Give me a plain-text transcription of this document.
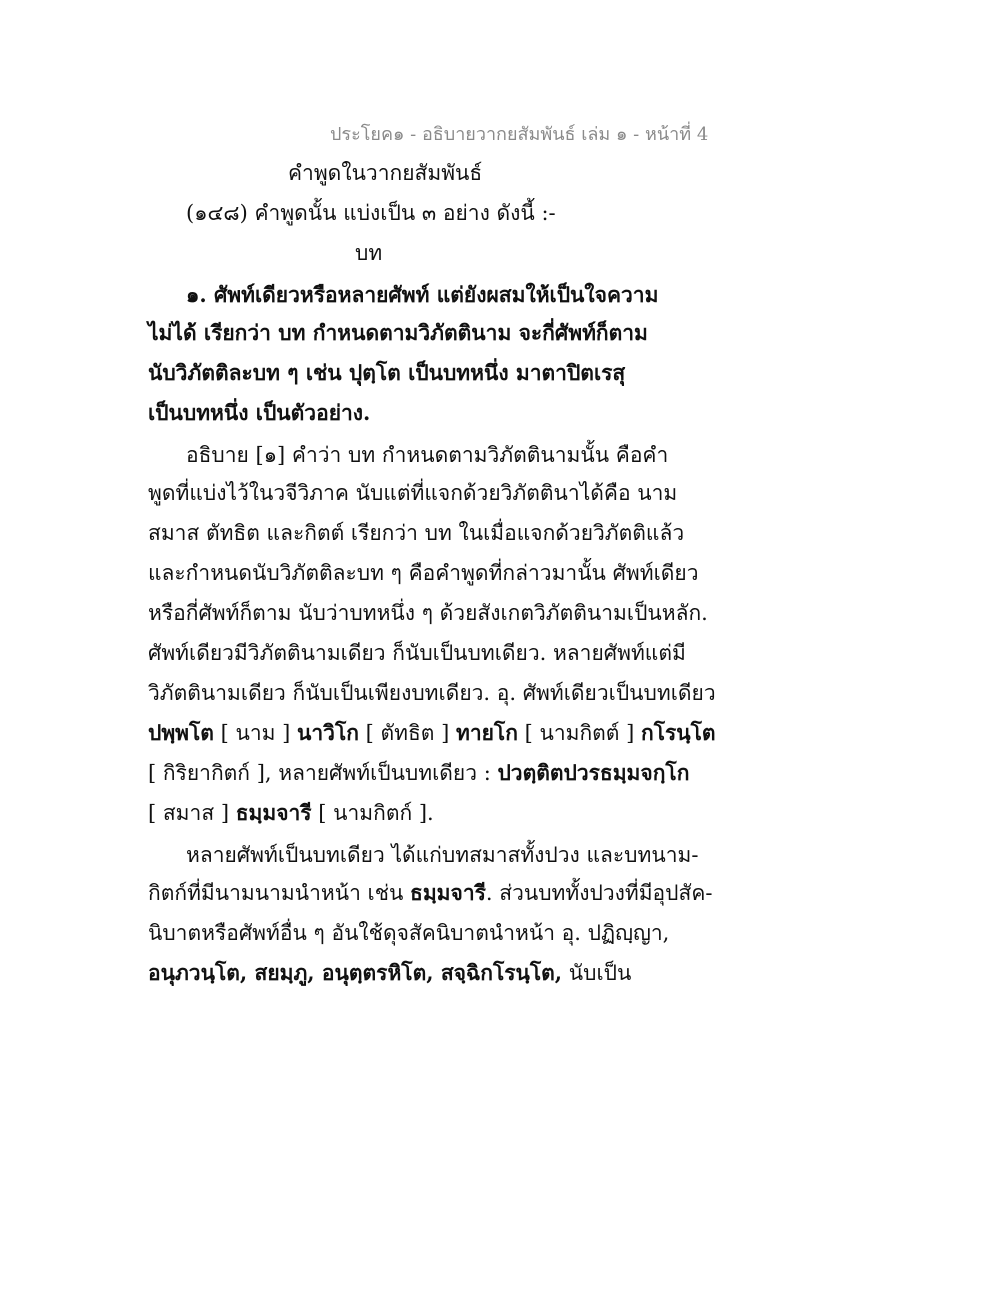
ประโยค๑ - อธิบายวากยสัมพันธ์ เล่ม ๑ - หน้าที่ 4
คำพูดในวากยสัมพันธ์
(๑๔๘) คำพูดนั้น แบ่งเป็น ๓ อย่าง ดังนี้ :-
บท
๑. ศัพท์เดียวหรือหลายศัพท์ แต่ยังผสมให้เป็นใจความ
ไม่ได้ เรียกว่า บท กำหนดตามวิภัตตินาม จะกี่ศัพท์ก็ตาม
นับวิภัตติละบท ๆ เช่น ปุตฺโต เป็นบทหนึ่ง มาตาปิตเรสุ
เป็นบทหนึ่ง เป็นตัวอย่าง.
อธิบาย [๑] คำว่า บท กำหนดตามวิภัตตินามนั้น คือคำ
พูดที่แบ่งไว้ในวจีวิภาค นับแต่ที่แจกด้วยวิภัตตินาได้คือ นาม
สมาส ตัทธิต และกิตต์ เรียกว่า บท ในเมื่อแจกด้วยวิภัตติแล้ว
และกำหนดนับวิภัตติละบท ๆ คือคำพูดที่กล่าวมานั้น ศัพท์เดียว
หรือกี่ศัพท์ก็ตาม นับว่าบทหนึ่ง ๆ ด้วยสังเกตวิภัตตินามเป็นหลัก.
ศัพท์เดียวมีวิภัตตินามเดียว ก็นับเป็นบทเดียว. หลายศัพท์แต่มี
วิภัตตินามเดียว ก็นับเป็นเพียงบทเดียว. อุ. ศัพท์เดียวเป็นบทเดียว
ปพฺพโต [ นาม ] นาวิโก [ ตัทธิต ] ทายโก [ นามกิตต์ ] กโรนฺโต
[ กิริยากิตก์ ], หลายศัพท์เป็นบทเดียว : ปวตฺติตปวรธมฺมจกฺโก
[ สมาส ] ธมฺมจารี [ นามกิตก์ ].
หลายศัพท์เป็นบทเดียว ได้แก่บทสมาสทั้งปวง และบทนาม-
กิตก์ที่มีนามนามนำหน้า เช่น ธมฺมจารี. ส่วนบททั้งปวงที่มีอุปสัค-
นิบาตหรือศัพท์อื่น ๆ อันใช้ดุจสัคนิบาตนำหน้า อุ. ปฏิญฺญา,
อนุภวนฺโต, สยมฺภู, อนุตฺตรหิโต, สจฺฉิกโรนฺโต, นับเป็น
